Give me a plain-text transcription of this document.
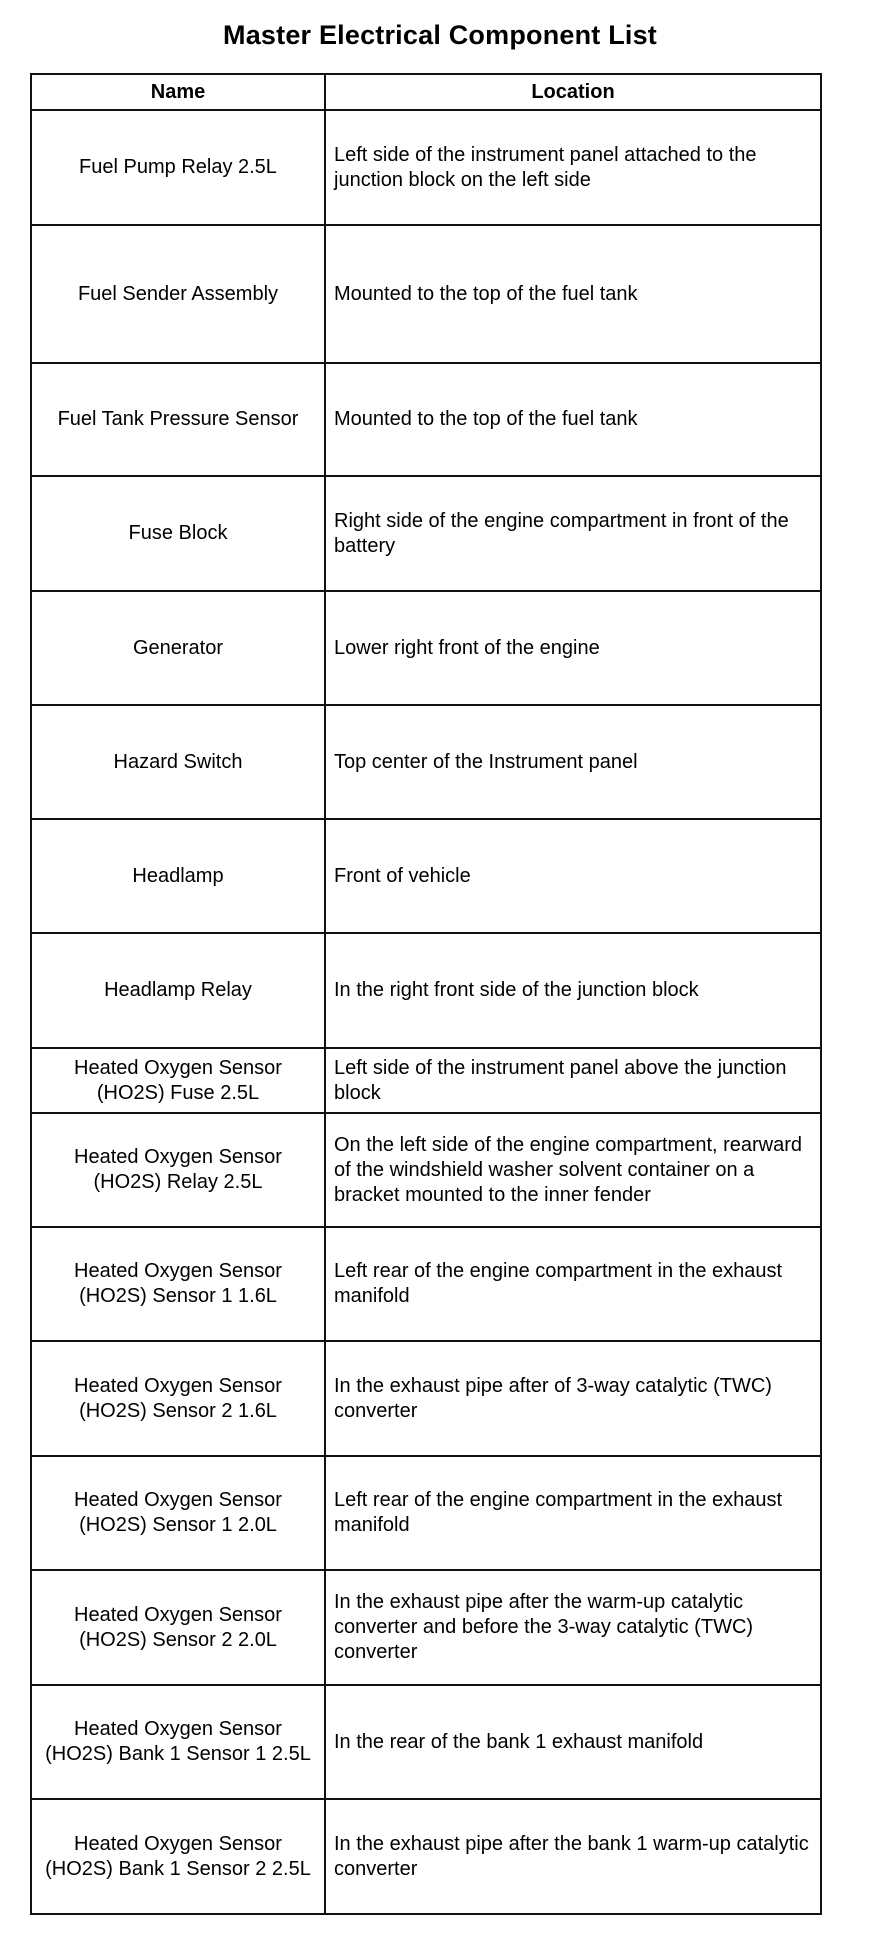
Master Electrical Component List
Name	Location
Fuel Pump Relay 2.5L	Left side of the instrument panel attached to the junction block on the left side
Fuel Sender Assembly	Mounted to the top of the fuel tank
Fuel Tank Pressure Sensor	Mounted to the top of the fuel tank
Fuse Block	Right side of the engine compartment in front of the battery
Generator	Lower right front of the engine
Hazard Switch	Top center of the Instrument panel
Headlamp	Front of vehicle
Headlamp Relay	In the right front side of the junction block
Heated Oxygen Sensor (HO2S) Fuse 2.5L	Left side of the instrument panel above the junction block
Heated Oxygen Sensor (HO2S) Relay 2.5L	On the left side of the engine compartment, rearward of the windshield washer solvent container on a bracket mounted to the inner fender
Heated Oxygen Sensor (HO2S) Sensor 1 1.6L	Left rear of the engine compartment in the exhaust manifold
Heated Oxygen Sensor (HO2S) Sensor 2 1.6L	In the exhaust pipe after of 3-way catalytic (TWC) converter
Heated Oxygen Sensor (HO2S) Sensor 1 2.0L	Left rear of the engine compartment in the exhaust manifold
Heated Oxygen Sensor (HO2S) Sensor 2 2.0L	In the exhaust pipe after the warm-up catalytic converter and before the 3-way catalytic (TWC) converter
Heated Oxygen Sensor (HO2S) Bank 1 Sensor 1 2.5L	In the rear of the bank 1 exhaust manifold
Heated Oxygen Sensor (HO2S) Bank 1 Sensor 2 2.5L	In the exhaust pipe after the bank 1 warm-up catalytic converter
